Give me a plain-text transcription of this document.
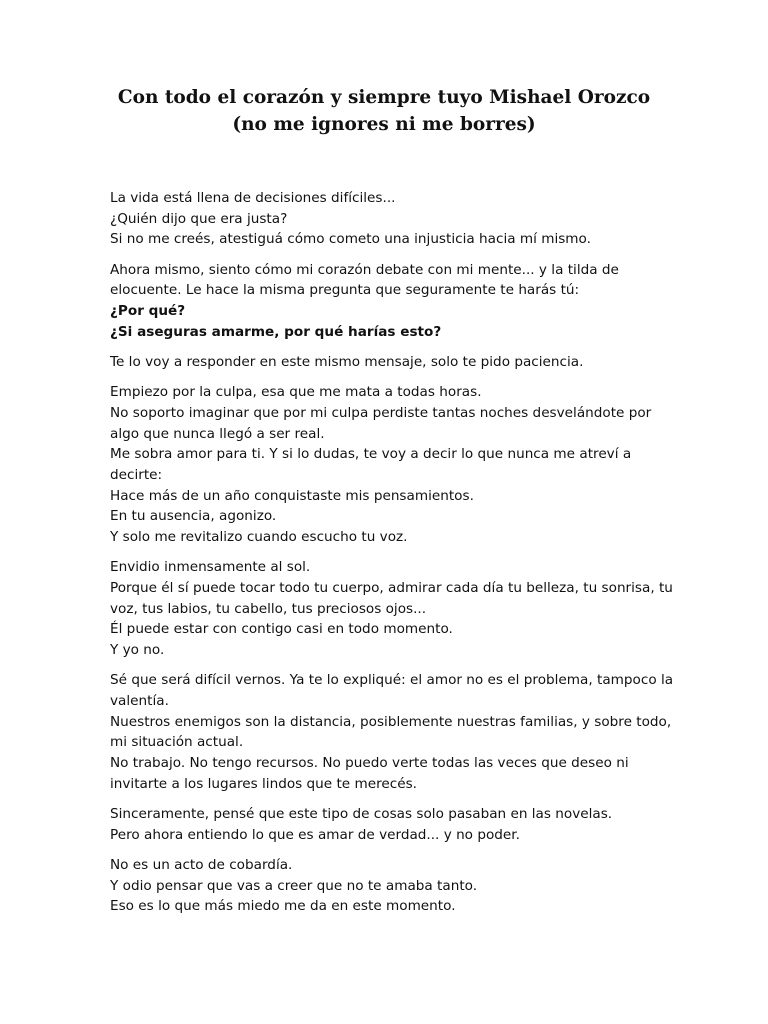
Con todo el corazón y siempre tuyo Mishael Orozco (no me ignores ni me borres)

La vida está llena de decisiones difíciles...
¿Quién dijo que era justa?
Si no me creés, atestiguá cómo cometo una injusticia hacia mí mismo.

Ahora mismo, siento cómo mi corazón debate con mi mente... y la tilda de
elocuente. Le hace la misma pregunta que seguramente te harás tú:
¿Por qué?
¿Si aseguras amarme, por qué harías esto?

Te lo voy a responder en este mismo mensaje, solo te pido paciencia.

Empiezo por la culpa, esa que me mata a todas horas.
No soporto imaginar que por mi culpa perdiste tantas noches desvelándote por
algo que nunca llegó a ser real.
Me sobra amor para ti. Y si lo dudas, te voy a decir lo que nunca me atreví a
decirte:
Hace más de un año conquistaste mis pensamientos.
En tu ausencia, agonizo.
Y solo me revitalizo cuando escucho tu voz.

Envidio inmensamente al sol.
Porque él sí puede tocar todo tu cuerpo, admirar cada día tu belleza, tu sonrisa, tu
voz, tus labios, tu cabello, tus preciosos ojos...
Él puede estar con contigo casi en todo momento.
Y yo no.

Sé que será difícil vernos. Ya te lo expliqué: el amor no es el problema, tampoco la
valentía.
Nuestros enemigos son la distancia, posiblemente nuestras familias, y sobre todo,
mi situación actual.
No trabajo. No tengo recursos. No puedo verte todas las veces que deseo ni
invitarte a los lugares lindos que te merecés.

Sinceramente, pensé que este tipo de cosas solo pasaban en las novelas.
Pero ahora entiendo lo que es amar de verdad... y no poder.

No es un acto de cobardía.
Y odio pensar que vas a creer que no te amaba tanto.
Eso es lo que más miedo me da en este momento.
